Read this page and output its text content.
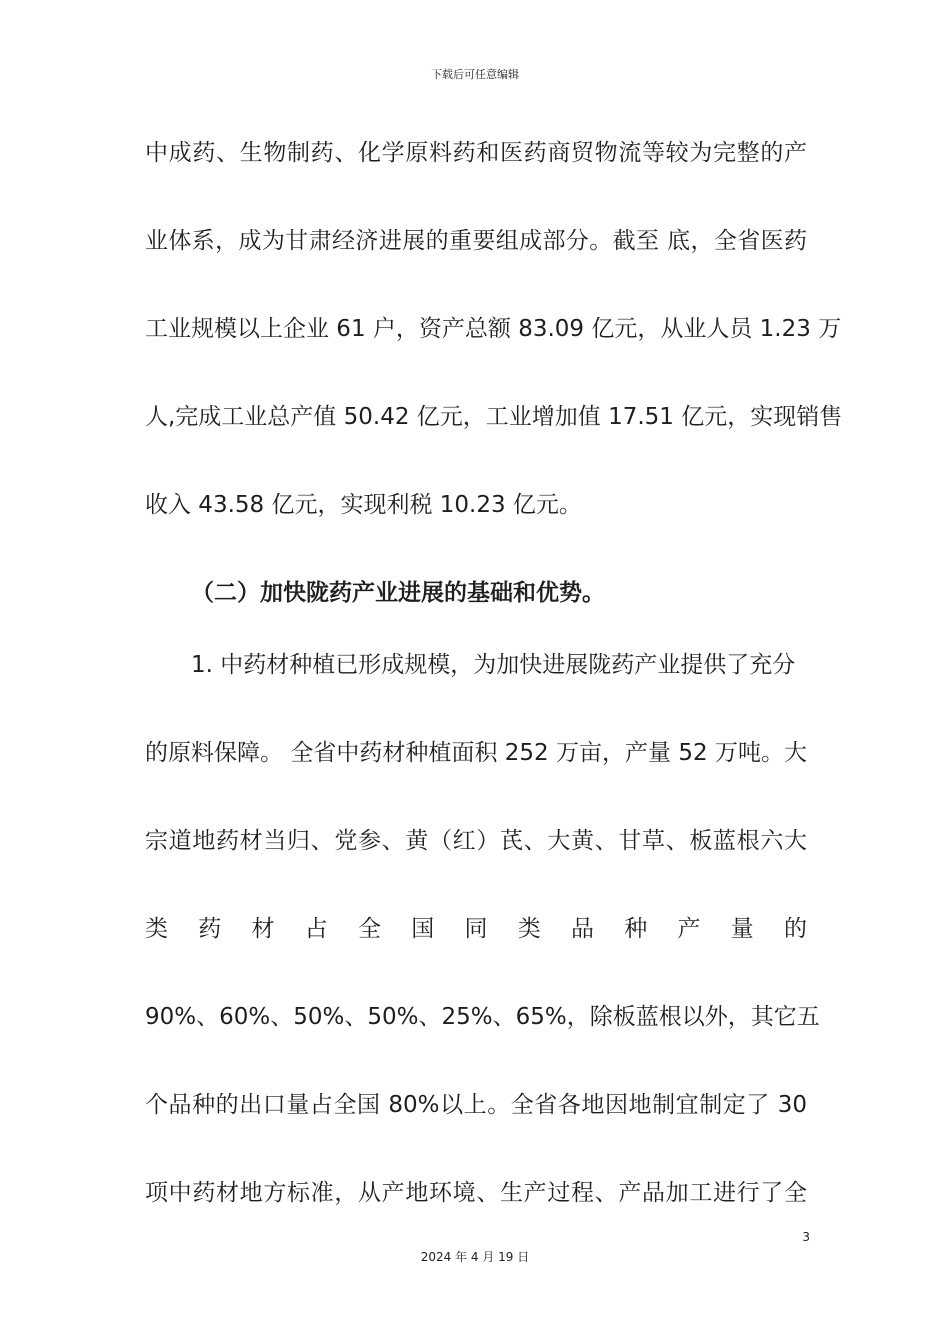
下载后可任意编辑
中成药、生物制药、化学原料药和医药商贸物流等较为完整的产
业体系，成为甘肃经济进展的重要组成部分。截至 底，全省医药
工业规模以上企业 61 户，资产总额 83.09 亿元，从业人员 1.23 万
人,完成工业总产值 50.42 亿元，工业增加值 17.51 亿元，实现销售
收入 43.58 亿元，实现利税 10.23 亿元。
（二）加快陇药产业进展的基础和优势。
1. 中药材种植已形成规模，为加快进展陇药产业提供了充分
的原料保障。 全省中药材种植面积 252 万亩，产量 52 万吨。大
宗道地药材当归、党参、黄（红）芪、大黄、甘草、板蓝根六大
类 药 材 占 全 国 同 类 品 种 产 量 的
90%、60%、50%、50%、25%、65%，除板蓝根以外，其它五
个品种的出口量占全国 80%以上。全省各地因地制宜制定了 30
项中药材地方标准，从产地环境、生产过程、产品加工进行了全
3
2024 年 4 月 19 日
